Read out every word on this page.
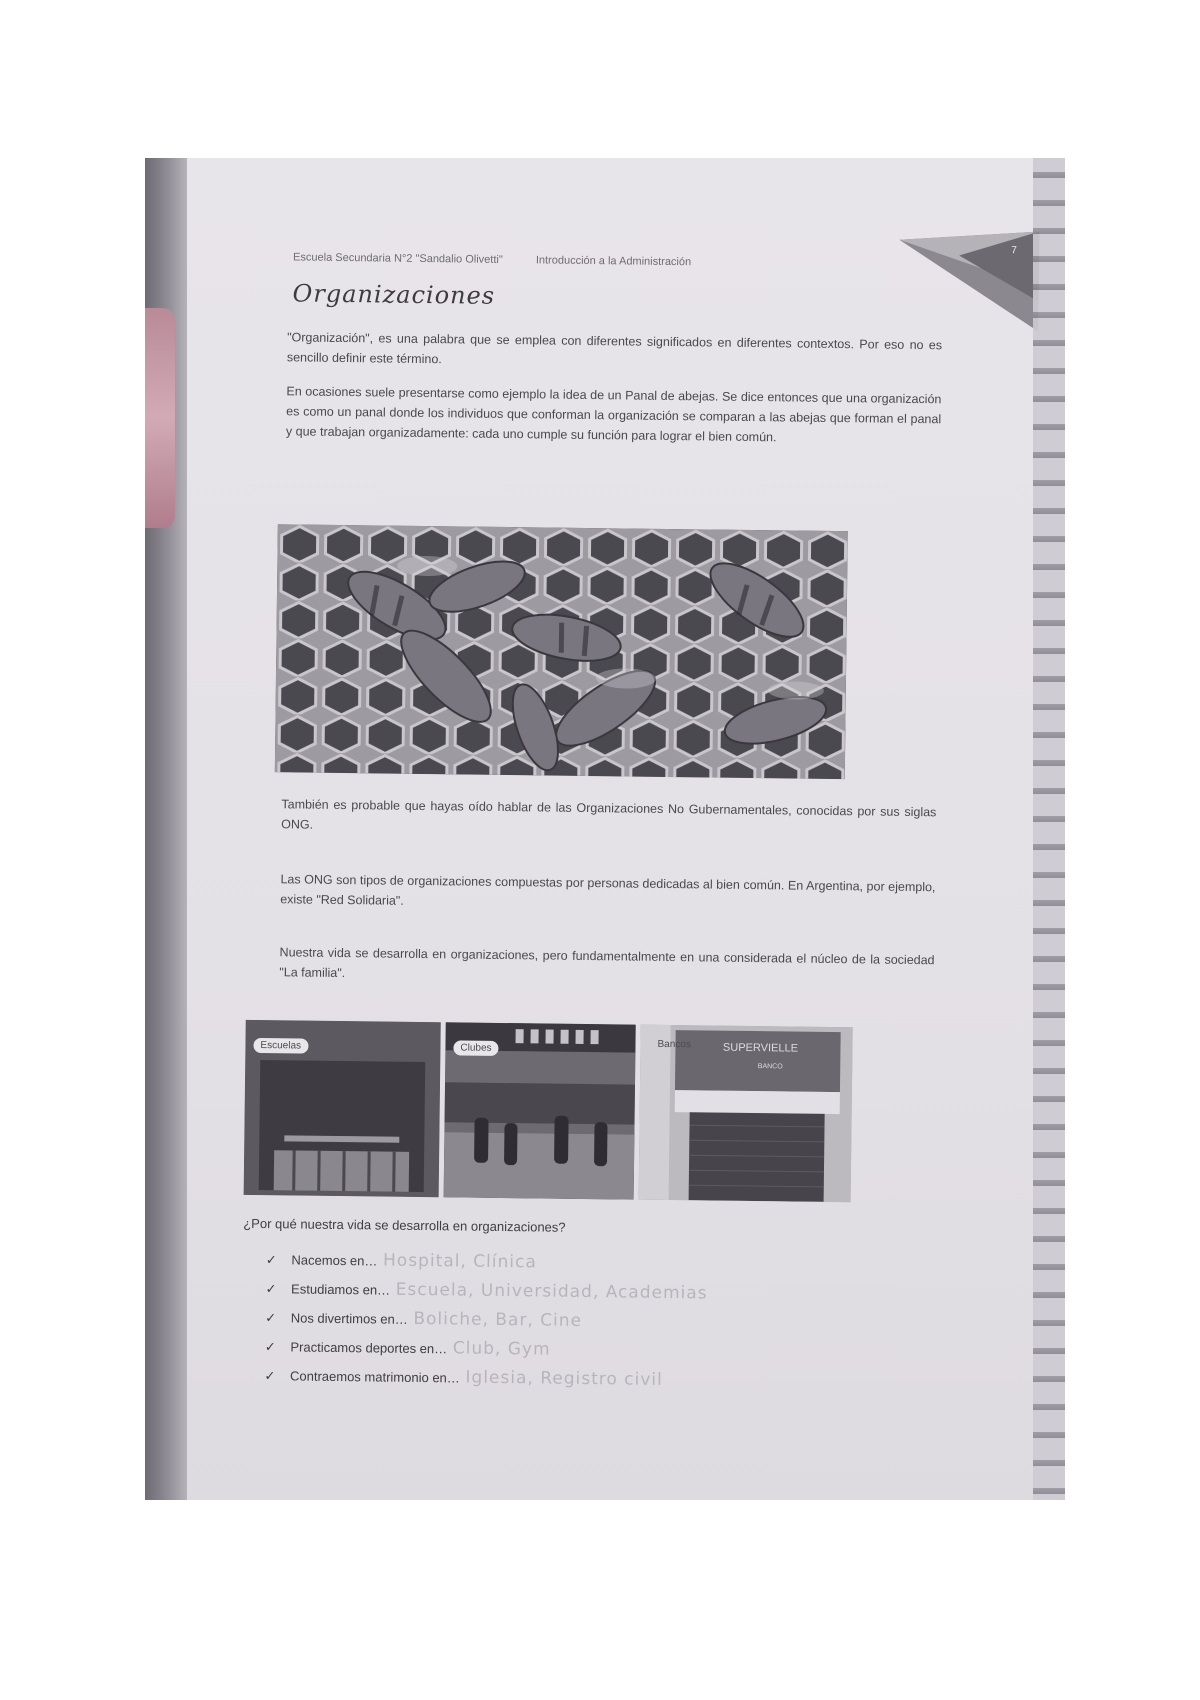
Escuela Secundaria N°2 "Sandalio Olivetti"	Introducción a la Administración
7
Organizaciones
"Organización", es una palabra que se emplea con diferentes significados en diferentes contextos. Por eso no es sencillo definir este término.
En ocasiones suele presentarse como ejemplo la idea de un Panal de abejas. Se dice entonces que una organización es como un panal donde los individuos que conforman la organización se comparan a las abejas que forman el panal y que trabajan organizadamente: cada uno cumple su función para lograr el bien común.
También es probable que hayas oído hablar de las Organizaciones No Gubernamentales, conocidas por sus siglas ONG.
Las ONG son tipos de organizaciones compuestas por personas dedicadas al bien común. En Argentina, por ejemplo, existe "Red Solidaria".
Nuestra vida se desarrolla en organizaciones, pero fundamentalmente en una considerada el núcleo de la sociedad "La familia".
Escuelas	Clubes	SUPERVIELLE
BANCO
Bancos
¿Por qué nuestra vida se desarrolla en organizaciones?
✓ Nacemos en… Hospital, Clínica
✓ Estudiamos en… Escuela, Universidad, Academias
✓ Nos divertimos en… Boliche, Bar, Cine
✓ Practicamos deportes en… Club, Gym
✓ Contraemos matrimonio en… Iglesia, Registro civil
